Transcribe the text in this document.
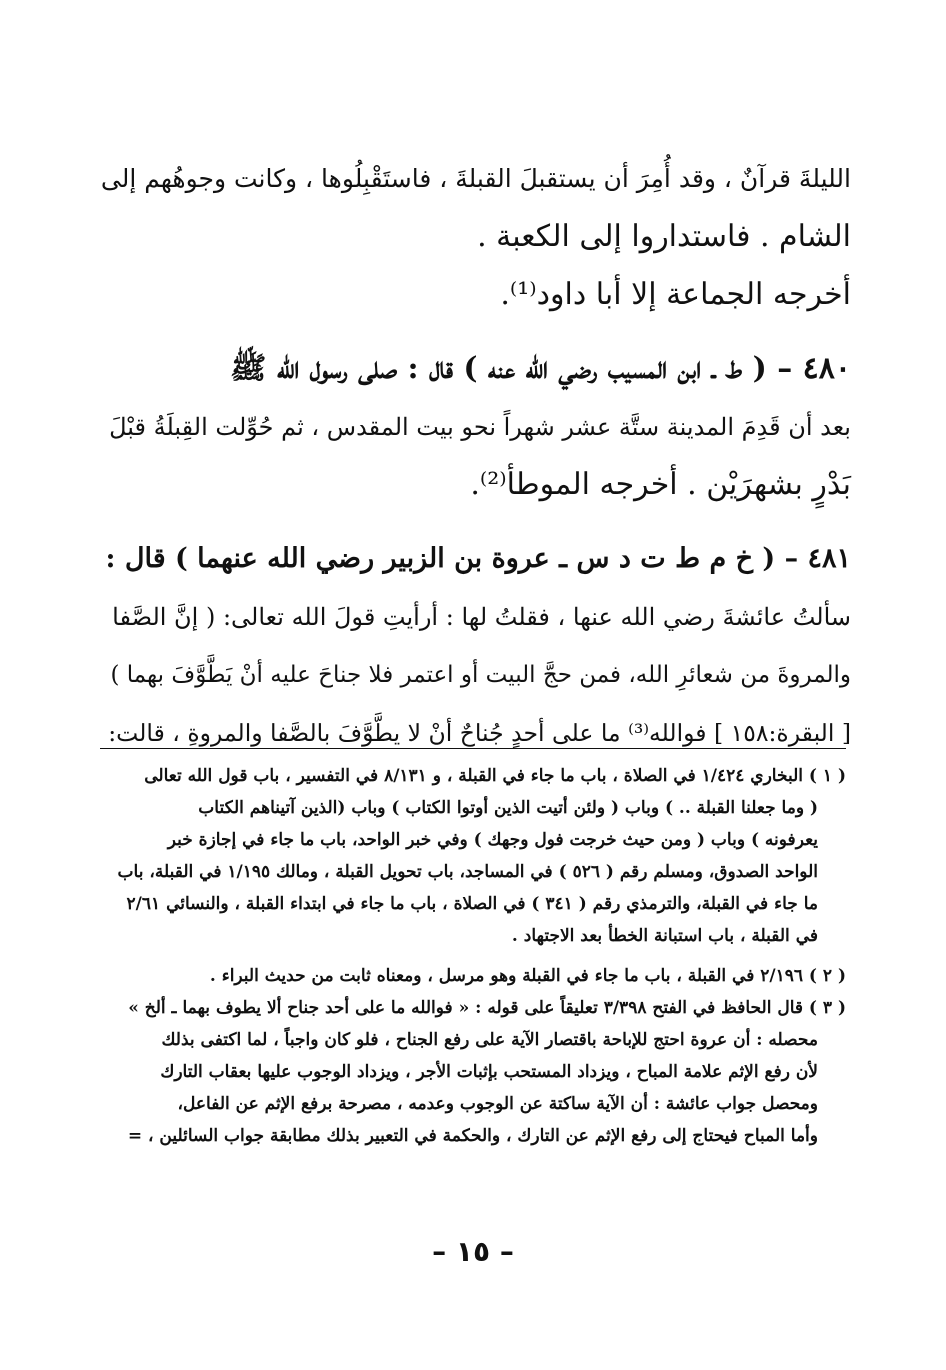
الليلةَ قرآنٌ ، وقد أُمِرَ أن يستقبلَ القبلةَ ، فاستَقْبِلُوها ، وكانت وجوهُهم إلى
الشام . فاستداروا إلى الكعبة .
أخرجه الجماعة إلا أبا داود⁽¹⁾.
٤٨٠ – ( ط ـ ابن المسيب رضي الله عنه ) قال : صلى رسول الله ﷺ
بعد أن قَدِمَ المدينة ستَّة عشر شهراً نحو بيت المقدس ، ثم حُوِّلت القِبلَةُ قبْلَ
بَدْرٍ بشهرَيْن . أخرجه الموطأ⁽²⁾.
٤٨١ – ( خ م ط ت د س ـ عروة بن الزبير رضي الله عنهما ) قال :
سألتُ عائشةَ رضي الله عنها ، فقلتُ لها : أرأيتِ قولَ الله تعالى: ( إنَّ الصَّفا
والمروةَ من شعائرِ الله، فمن حجَّ البيت أو اعتمر فلا جناحَ عليه أنْ يَطَّوَّفَ بهما )
[ البقرة:١٥٨ ] فوالله⁽³⁾ ما على أحدٍ جُناحٌ أنْ لا يطَّوَّفَ بالصَّفا والمروةِ ، قالت:
( ١ ) البخاري ١/٤٢٤ في الصلاة ، باب ما جاء في القبلة ، و ٨/١٣١ في التفسير ، باب قول الله تعالى
( وما جعلنا القبلة .. ) وباب ( ولئن أتيت الذين أوتوا الكتاب ) وباب (الذين آتيناهم الكتاب
يعرفونه ) وباب ( ومن حيث خرجت فول وجهك ) وفي خبر الواحد، باب ما جاء في إجازة خبر
الواحد الصدوق، ومسلم رقم ( ٥٢٦ ) في المساجد، باب تحويل القبلة ، ومالك ١/١٩٥ في القبلة، باب
ما جاء في القبلة، والترمذي رقم ( ٣٤١ ) في الصلاة ، باب ما جاء في ابتداء القبلة ، والنسائي ٢/٦١
في القبلة ، باب استبانة الخطأ بعد الاجتهاد .
( ٢ ) ٢/١٩٦ في القبلة ، باب ما جاء في القبلة وهو مرسل ، ومعناه ثابت من حديث البراء .
( ٣ ) قال الحافظ في الفتح ٣/٣٩٨ تعليقاً على قوله : « فوالله ما على أحد جناح ألا يطوف بهما ـ ألخ »
محصله : أن عروة احتج للإباحة باقتصار الآية على رفع الجناح ، فلو كان واجباً ، لما اكتفى بذلك
لأن رفع الإثم علامة المباح ، ويزداد المستحب بإثبات الأجر ، ويزداد الوجوب عليها بعقاب التارك
ومحصل جواب عائشة : أن الآية ساكتة عن الوجوب وعدمه ، مصرحة برفع الإثم عن الفاعل،
وأما المباح فيحتاج إلى رفع الإثم عن التارك ، والحكمة في التعبير بذلك مطابقة جواب السائلين ، =
– ١٥ –
